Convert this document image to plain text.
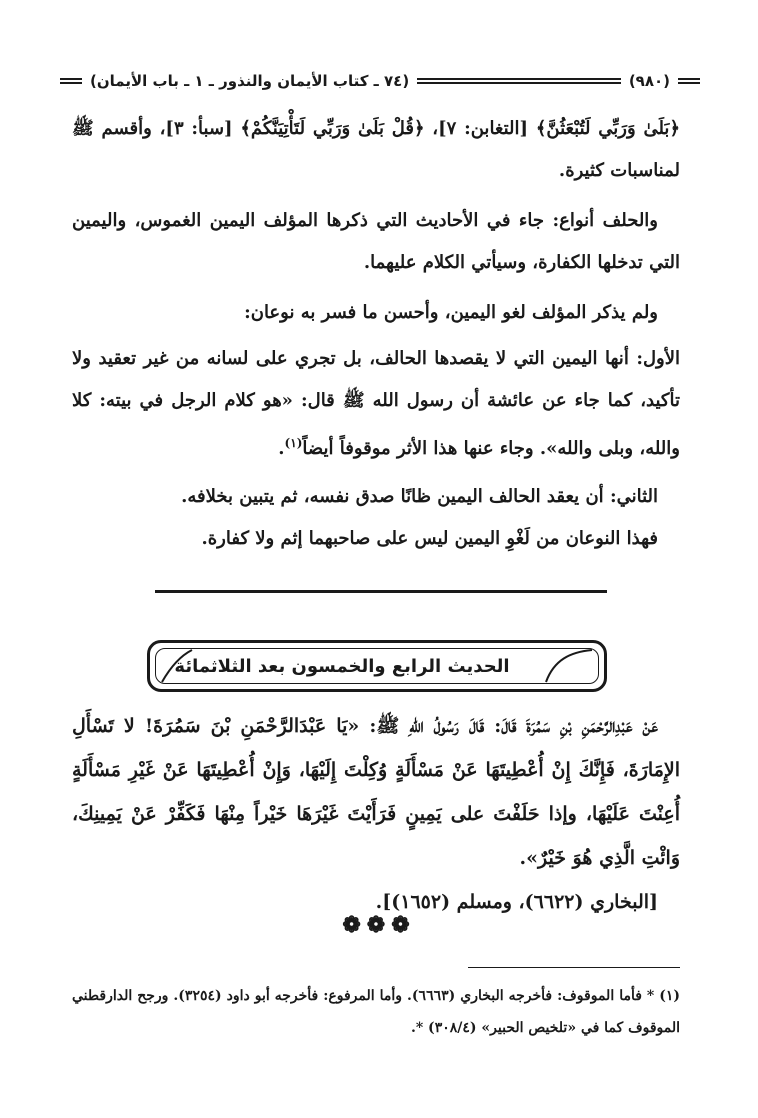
(٩٨٠)
(٧٤ ـ كتاب الأيمان والنذور ـ ١ ـ باب الأيمان)

﴿بَلَىٰ وَرَبِّي لَتُبْعَثُنَّ﴾ [التغابن: ٧]، ﴿قُلْ بَلَىٰ وَرَبِّي لَتَأْتِيَنَّكُمْ﴾ [سبأ: ٣]، وأقسم ﷺ لمناسبات كثيرة.

والحلف أنواع: جاء في الأحاديث التي ذكرها المؤلف اليمين الغموس، واليمين التي تدخلها الكفارة، وسيأتي الكلام عليهما.

ولم يذكر المؤلف لغو اليمين، وأحسن ما فسر به نوعان:

الأول: أنها اليمين التي لا يقصدها الحالف، بل تجري على لسانه من غير تعقيد ولا تأكيد، كما جاء عن عائشة أن رسول الله ﷺ قال: «هو كلام الرجل في بيته: كلا والله، وبلى والله». وجاء عنها هذا الأثر موقوفاً أيضاً$^{(١)}$.

الثاني: أن يعقد الحالف اليمين ظانًا صدق نفسه، ثم يتبين بخلافه.

فهذا النوعان من لَغْوِ اليمين ليس على صاحبهما إثم ولا كفارة.

الحديث الرابع والخمسون بعد الثلاثمائة

عَنْ عَبْدِالرَّحْمَنِ بْنِ سَمُرَةَ قَالَ: قَالَ رَسُولُ اللهِ ﷺ: «يَا عَبْدَالرَّحْمَنِ بْنَ سَمُرَةَ! لا تَسْأَلِ الإِمَارَةَ، فَإِنَّكَ إِنْ أُعْطِيتَهَا عَنْ مَسْأَلَةٍ وُكِلْتَ إِلَيْهَا، وَإِنْ أُعْطِيتَهَا عَنْ غَيْرِ مَسْأَلَةٍ أُعِنْتَ عَلَيْهَا، وإذا حَلَفْتَ على يَمِينٍ فَرَأَيْتَ غَيْرَهَا خَيْراً مِنْهَا فَكَفِّرْ عَنْ يَمِينِكَ، وَائْتِ الَّذِي هُوَ خَيْرٌ».

[البخاري (٦٦٢٢)، ومسلم (١٦٥٢)].

❁❁❁
(١) * فأما الموقوف: فأخرجه البخاري (٦٦٦٣). وأما المرفوع: فأخرجه أبو داود (٣٢٥٤). ورجح الدارقطني الموقوف كما في «تلخيص الحبير» (٣٠٨/٤) *.
